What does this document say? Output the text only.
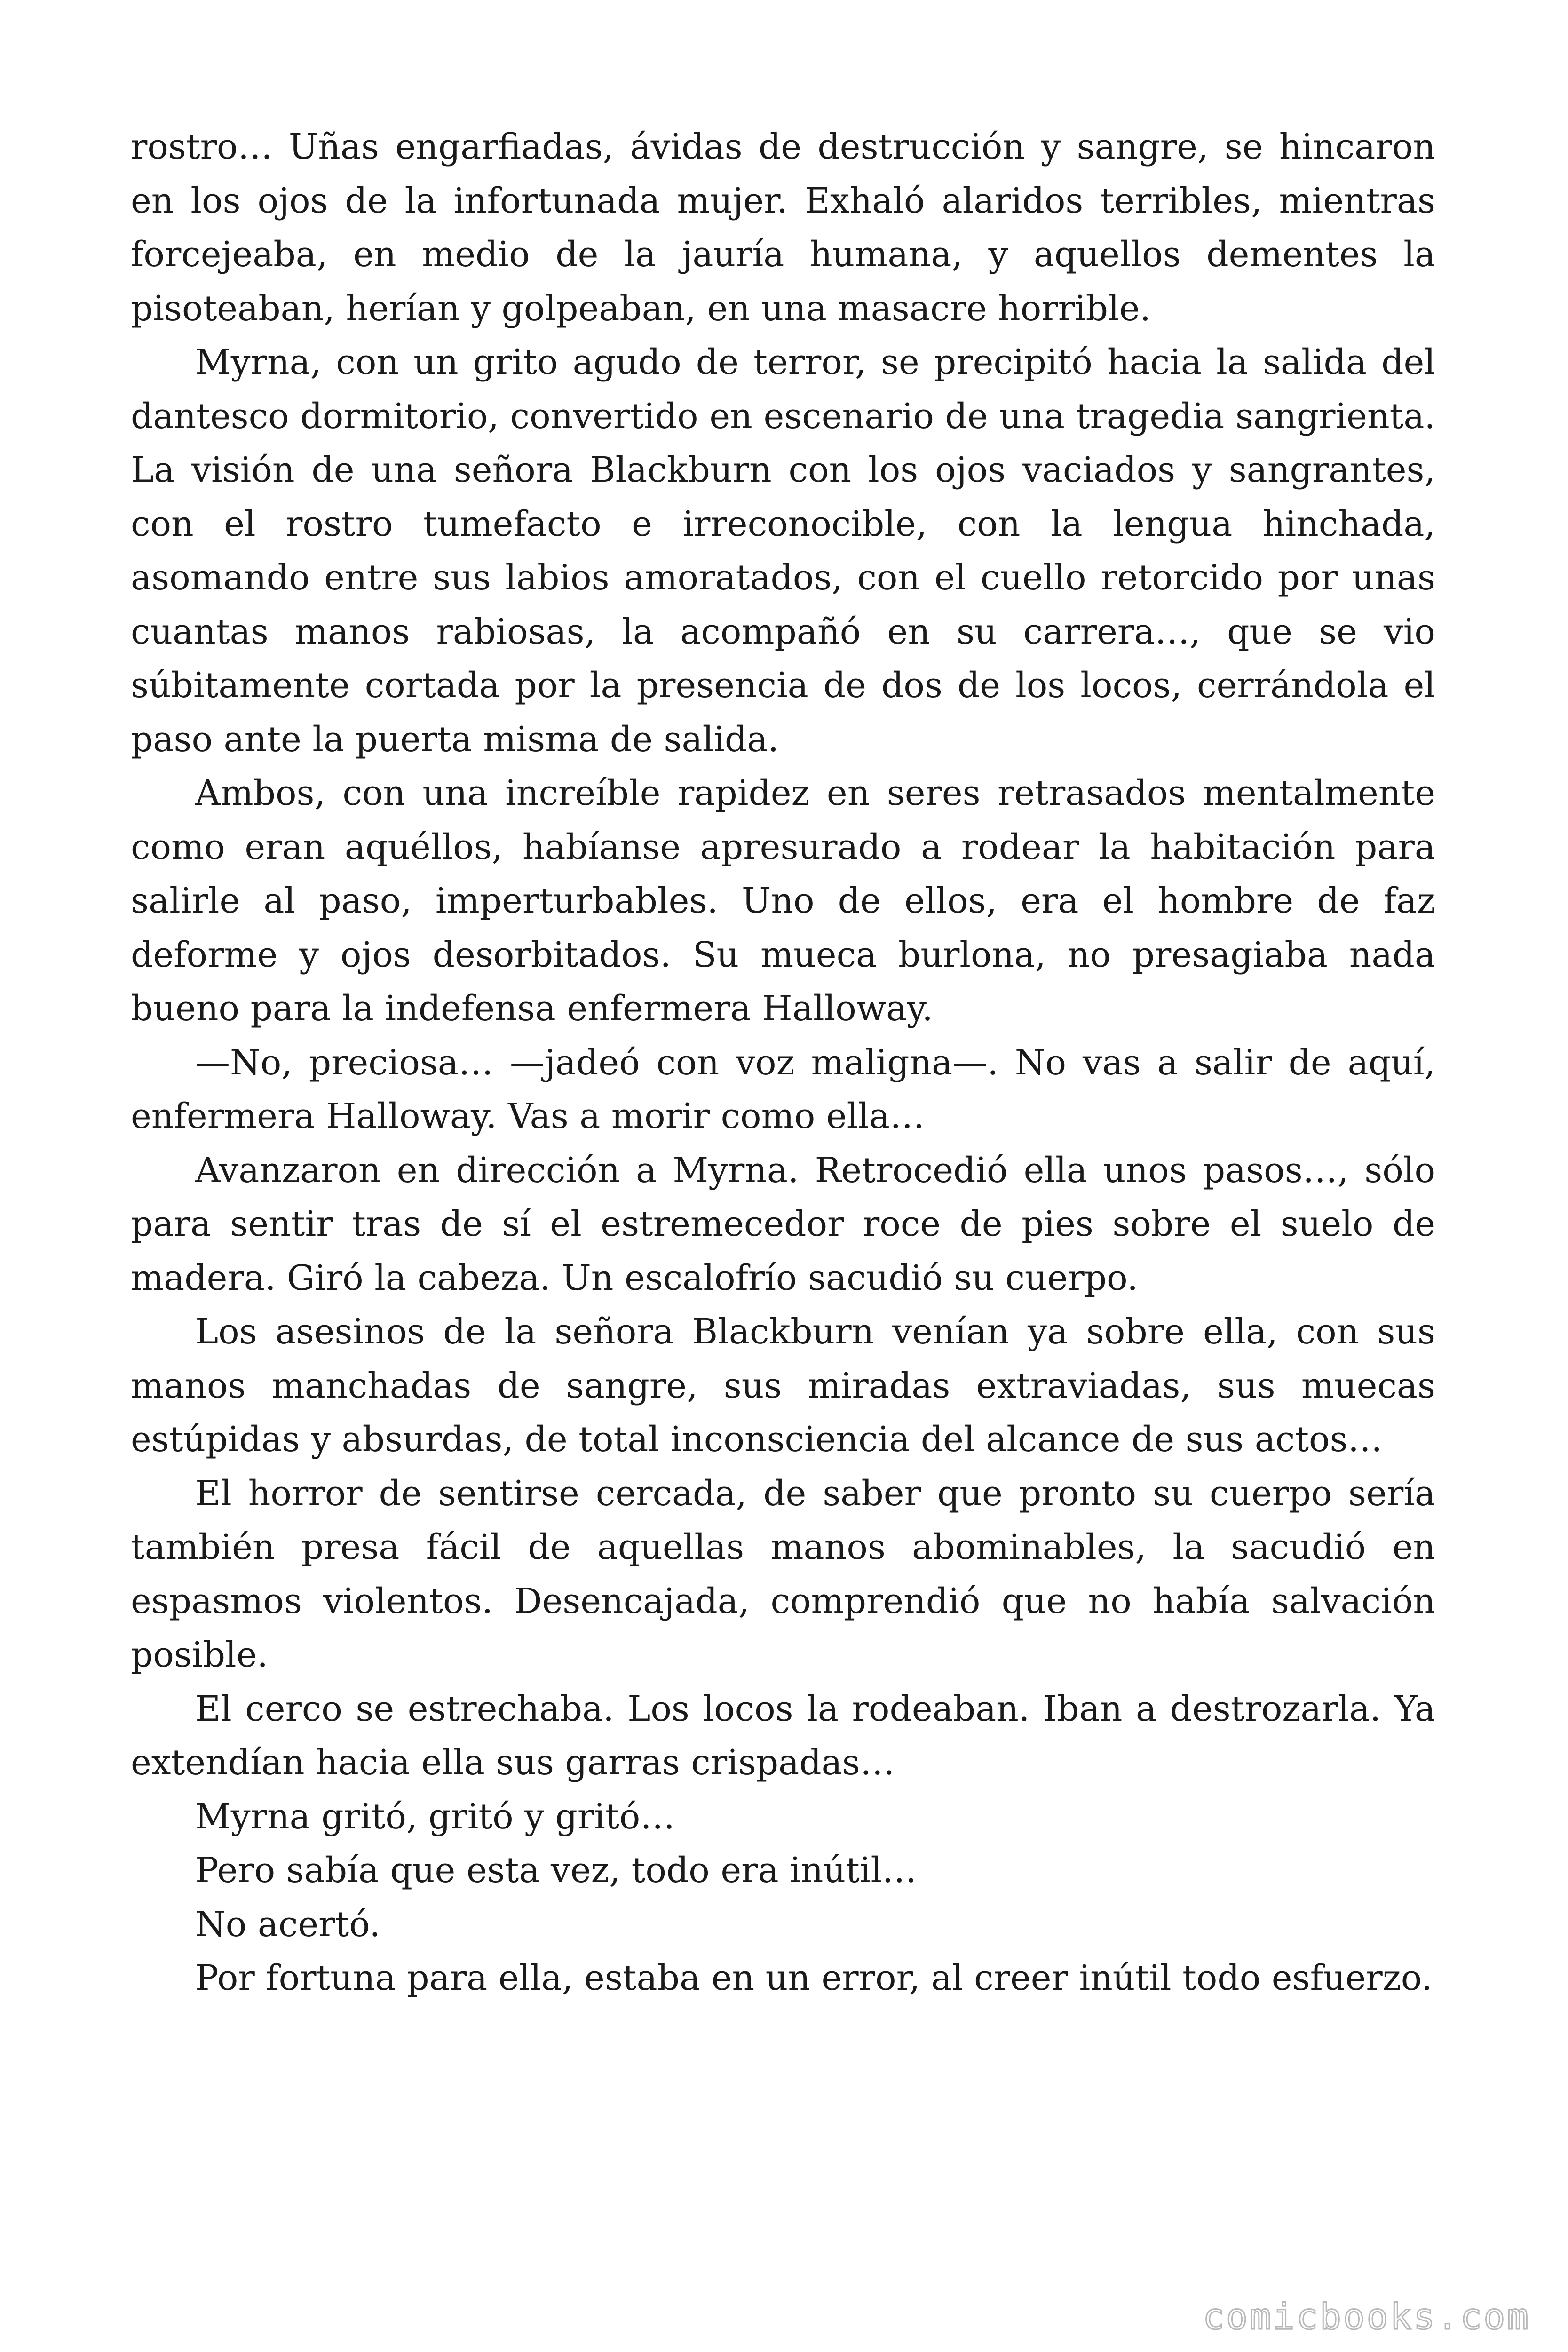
rostro… Uñas engarfiadas, ávidas de destrucción y sangre, se hincaron en los ojos de la infortunada mujer. Exhaló alaridos terribles, mientras forcejeaba, en medio de la jauría humana, y aquellos dementes la pisoteaban, herían y golpeaban, en una masacre horrible.

Myrna, con un grito agudo de terror, se precipitó hacia la salida del dantesco dormitorio, convertido en escenario de una tragedia sangrienta. La visión de una señora Blackburn con los ojos vaciados y sangrantes, con el rostro tumefacto e irreconocible, con la lengua hinchada, asomando entre sus labios amoratados, con el cuello retorcido por unas cuantas manos rabiosas, la acompañó en su carrera…, que se vio súbitamente cortada por la presencia de dos de los locos, cerrándola el paso ante la puerta misma de salida.

Ambos, con una increíble rapidez en seres retrasados mentalmente como eran aquéllos, habíanse apresurado a rodear la habitación para salirle al paso, imperturbables. Uno de ellos, era el hombre de faz deforme y ojos desorbitados. Su mueca burlona, no presagiaba nada bueno para la indefensa enfermera Halloway.

—No, preciosa… —jadeó con voz maligna—. No vas a salir de aquí, enfermera Halloway. Vas a morir como ella…

Avanzaron en dirección a Myrna. Retrocedió ella unos pasos…, sólo para sentir tras de sí el estremecedor roce de pies sobre el suelo de madera. Giró la cabeza. Un escalofrío sacudió su cuerpo.

Los asesinos de la señora Blackburn venían ya sobre ella, con sus manos manchadas de sangre, sus miradas extraviadas, sus muecas estúpidas y absurdas, de total inconsciencia del alcance de sus actos…

El horror de sentirse cercada, de saber que pronto su cuerpo sería también presa fácil de aquellas manos abominables, la sacudió en espasmos violentos. Desencajada, comprendió que no había salvación posible.

El cerco se estrechaba. Los locos la rodeaban. Iban a destrozarla. Ya extendían hacia ella sus garras crispadas…

Myrna gritó, gritó y gritó…

Pero sabía que esta vez, todo era inútil…

No acertó.

Por fortuna para ella, estaba en un error, al creer inútil todo esfuerzo.

comicbooks.com
